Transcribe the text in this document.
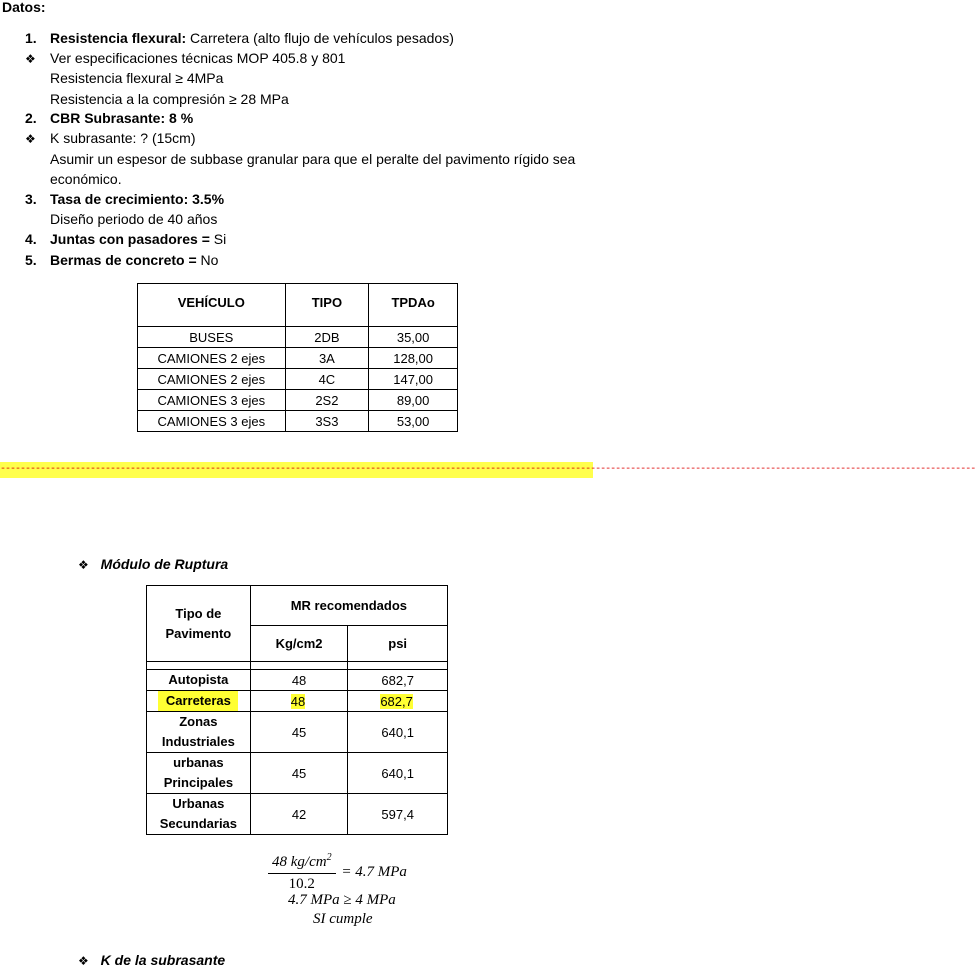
Datos:
1. Resistencia flexural: Carretera (alto flujo de vehículos pesados)
❖ Ver especificaciones técnicas MOP 405.8 y 801
Resistencia flexural ≥ 4MPa
Resistencia a la compresión ≥ 28 MPa
2. CBR Subrasante: 8 %
❖ K subrasante: ? (15cm)
Asumir un espesor de subbase granular para que el peralte del pavimento rígido sea
económico.
3. Tasa de crecimiento: 3.5%
Diseño periodo de 40 años
4. Juntas con pasadores = Si
5. Bermas de concreto = No
VEHÍCULO	TIPO	TPDAo

BUSES	2DB	35,00
CAMIONES 2 ejes	3A	128,00
CAMIONES 2 ejes	4C	147,00
CAMIONES 3 ejes	2S2	89,00
CAMIONES 3 ejes	3S3	53,00
---------------------------------------------------------------------------------------------------------------------------------------------------------------------------------------------------
❖ Módulo de Ruptura
Tipo de Pavimento	MR recomendados	
	Kg/cm2	psi

Autopista	48	682,7
Carreteras	48	682,7
Zonas Industriales	45	640,1
urbanas Principales	45	640,1
Urbanas Secundarias	42	597,4
$\frac{48 kg/cm^2}{10.2} = 4.7$ MPa
4.7 MPa ≥ 4 MPa
SI cumple
❖ K de la subrasante
